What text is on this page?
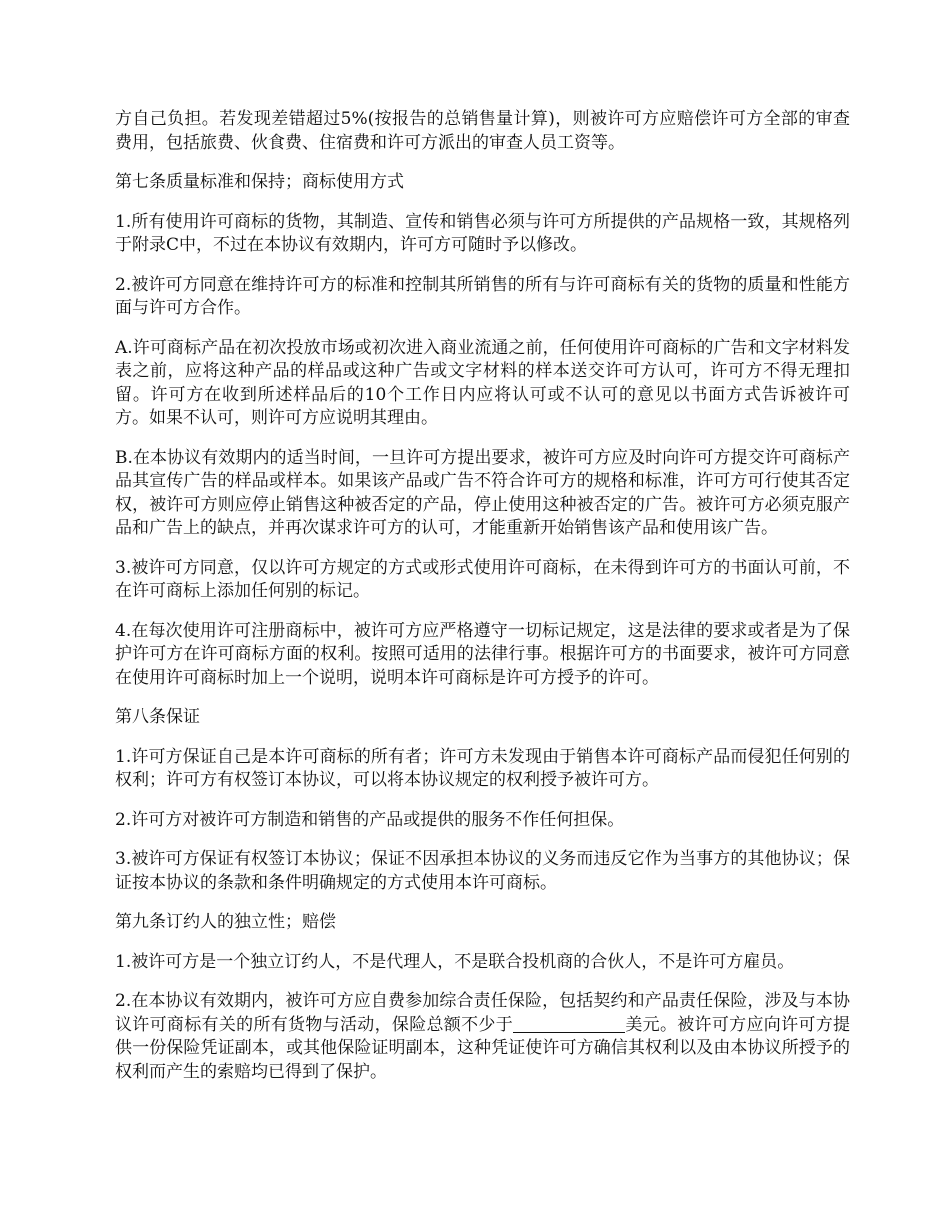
方自己负担。若发现差错超过5%(按报告的总销售量计算)，则被许可方应赔偿许可方全部的审查费用，包括旅费、伙食费、住宿费和许可方派出的审查人员工资等。

第七条质量标准和保持；商标使用方式

1.所有使用许可商标的货物，其制造、宣传和销售必须与许可方所提供的产品规格一致，其规格列于附录C中，不过在本协议有效期内，许可方可随时予以修改。

2.被许可方同意在维持许可方的标准和控制其所销售的所有与许可商标有关的货物的质量和性能方面与许可方合作。

A.许可商标产品在初次投放市场或初次进入商业流通之前，任何使用许可商标的广告和文字材料发表之前，应将这种产品的样品或这种广告或文字材料的样本送交许可方认可，许可方不得无理扣留。许可方在收到所述样品后的10个工作日内应将认可或不认可的意见以书面方式告诉被许可方。如果不认可，则许可方应说明其理由。

B.在本协议有效期内的适当时间，一旦许可方提出要求，被许可方应及时向许可方提交许可商标产品其宣传广告的样品或样本。如果该产品或广告不符合许可方的规格和标准，许可方可行使其否定权，被许可方则应停止销售这种被否定的产品，停止使用这种被否定的广告。被许可方必须克服产品和广告上的缺点，并再次谋求许可方的认可，才能重新开始销售该产品和使用该广告。

3.被许可方同意，仅以许可方规定的方式或形式使用许可商标，在未得到许可方的书面认可前，不在许可商标上添加任何别的标记。

4.在每次使用许可注册商标中，被许可方应严格遵守一切标记规定，这是法律的要求或者是为了保护许可方在许可商标方面的权利。按照可适用的法律行事。根据许可方的书面要求，被许可方同意在使用许可商标时加上一个说明，说明本许可商标是许可方授予的许可。

第八条保证

1.许可方保证自己是本许可商标的所有者；许可方未发现由于销售本许可商标产品而侵犯任何别的权利；许可方有权签订本协议，可以将本协议规定的权利授予被许可方。

2.许可方对被许可方制造和销售的产品或提供的服务不作任何担保。

3.被许可方保证有权签订本协议；保证不因承担本协议的义务而违反它作为当事方的其他协议；保证按本协议的条款和条件明确规定的方式使用本许可商标。

第九条订约人的独立性；赔偿

1.被许可方是一个独立订约人，不是代理人，不是联合投机商的合伙人，不是许可方雇员。

2.在本协议有效期内，被许可方应自费参加综合责任保险，包括契约和产品责任保险，涉及与本协议许可商标有关的所有货物与活动，保险总额不少于	美元。被许可方应向许可方提供一份保险凭证副本，或其他保险证明副本，这种凭证使许可方确信其权利以及由本协议所授予的权利而产生的索赔均已得到了保护。
